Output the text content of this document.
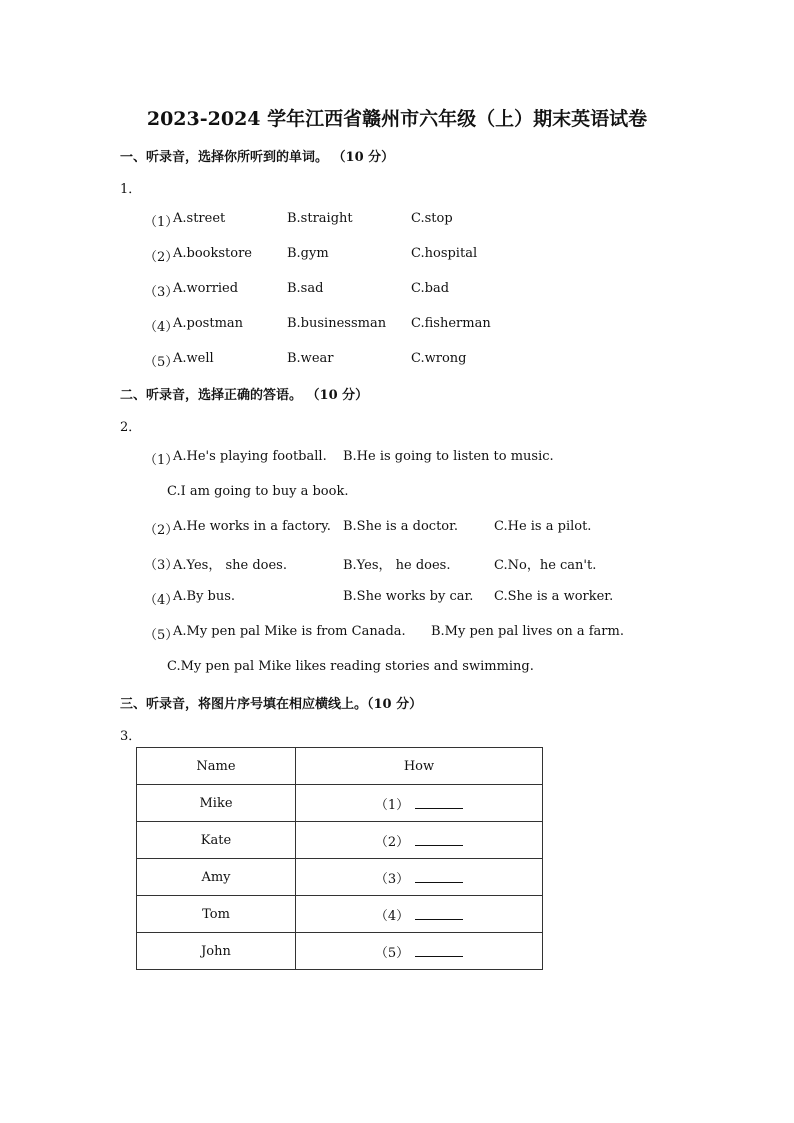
2023-2024 学年江西省赣州市六年级（上）期末英语试卷
一、听录音，选择你所听到的单词。 （10 分）
1．
（1）
A.street	B.straight	C.stop
（2）
A.bookstore	B.gym	C.hospital
（3）
A.worried	B.sad	C.bad
（4）
A.postman	B.businessman C.fisherman
（5）
A.well	B.wear	C.wrong
二、听录音，选择正确的答语。 （10 分）
2．
（1）
A.He's playing football. B.He is going to listen to music.
C.I am going to buy a book.
（2）
A.He works in a factory. B.She is a doctor.	C.He is a pilot.
（3）
A.Yes， she does.	B.Yes， he does.	C.No，he can't.
（4）
A.By bus.	B.She works by car. C.She is a worker.
（5）
A.My pen pal Mike is from Canada. B.My pen pal lives on a farm.
C.My pen pal Mike likes reading stories and swimming.
三、听录音，将图片序号填在相应横线上。（10 分）
3．
Name	How
Mike	（1）
Kate	（2）
Amy	（3）
Tom	（4）
John	（5）
